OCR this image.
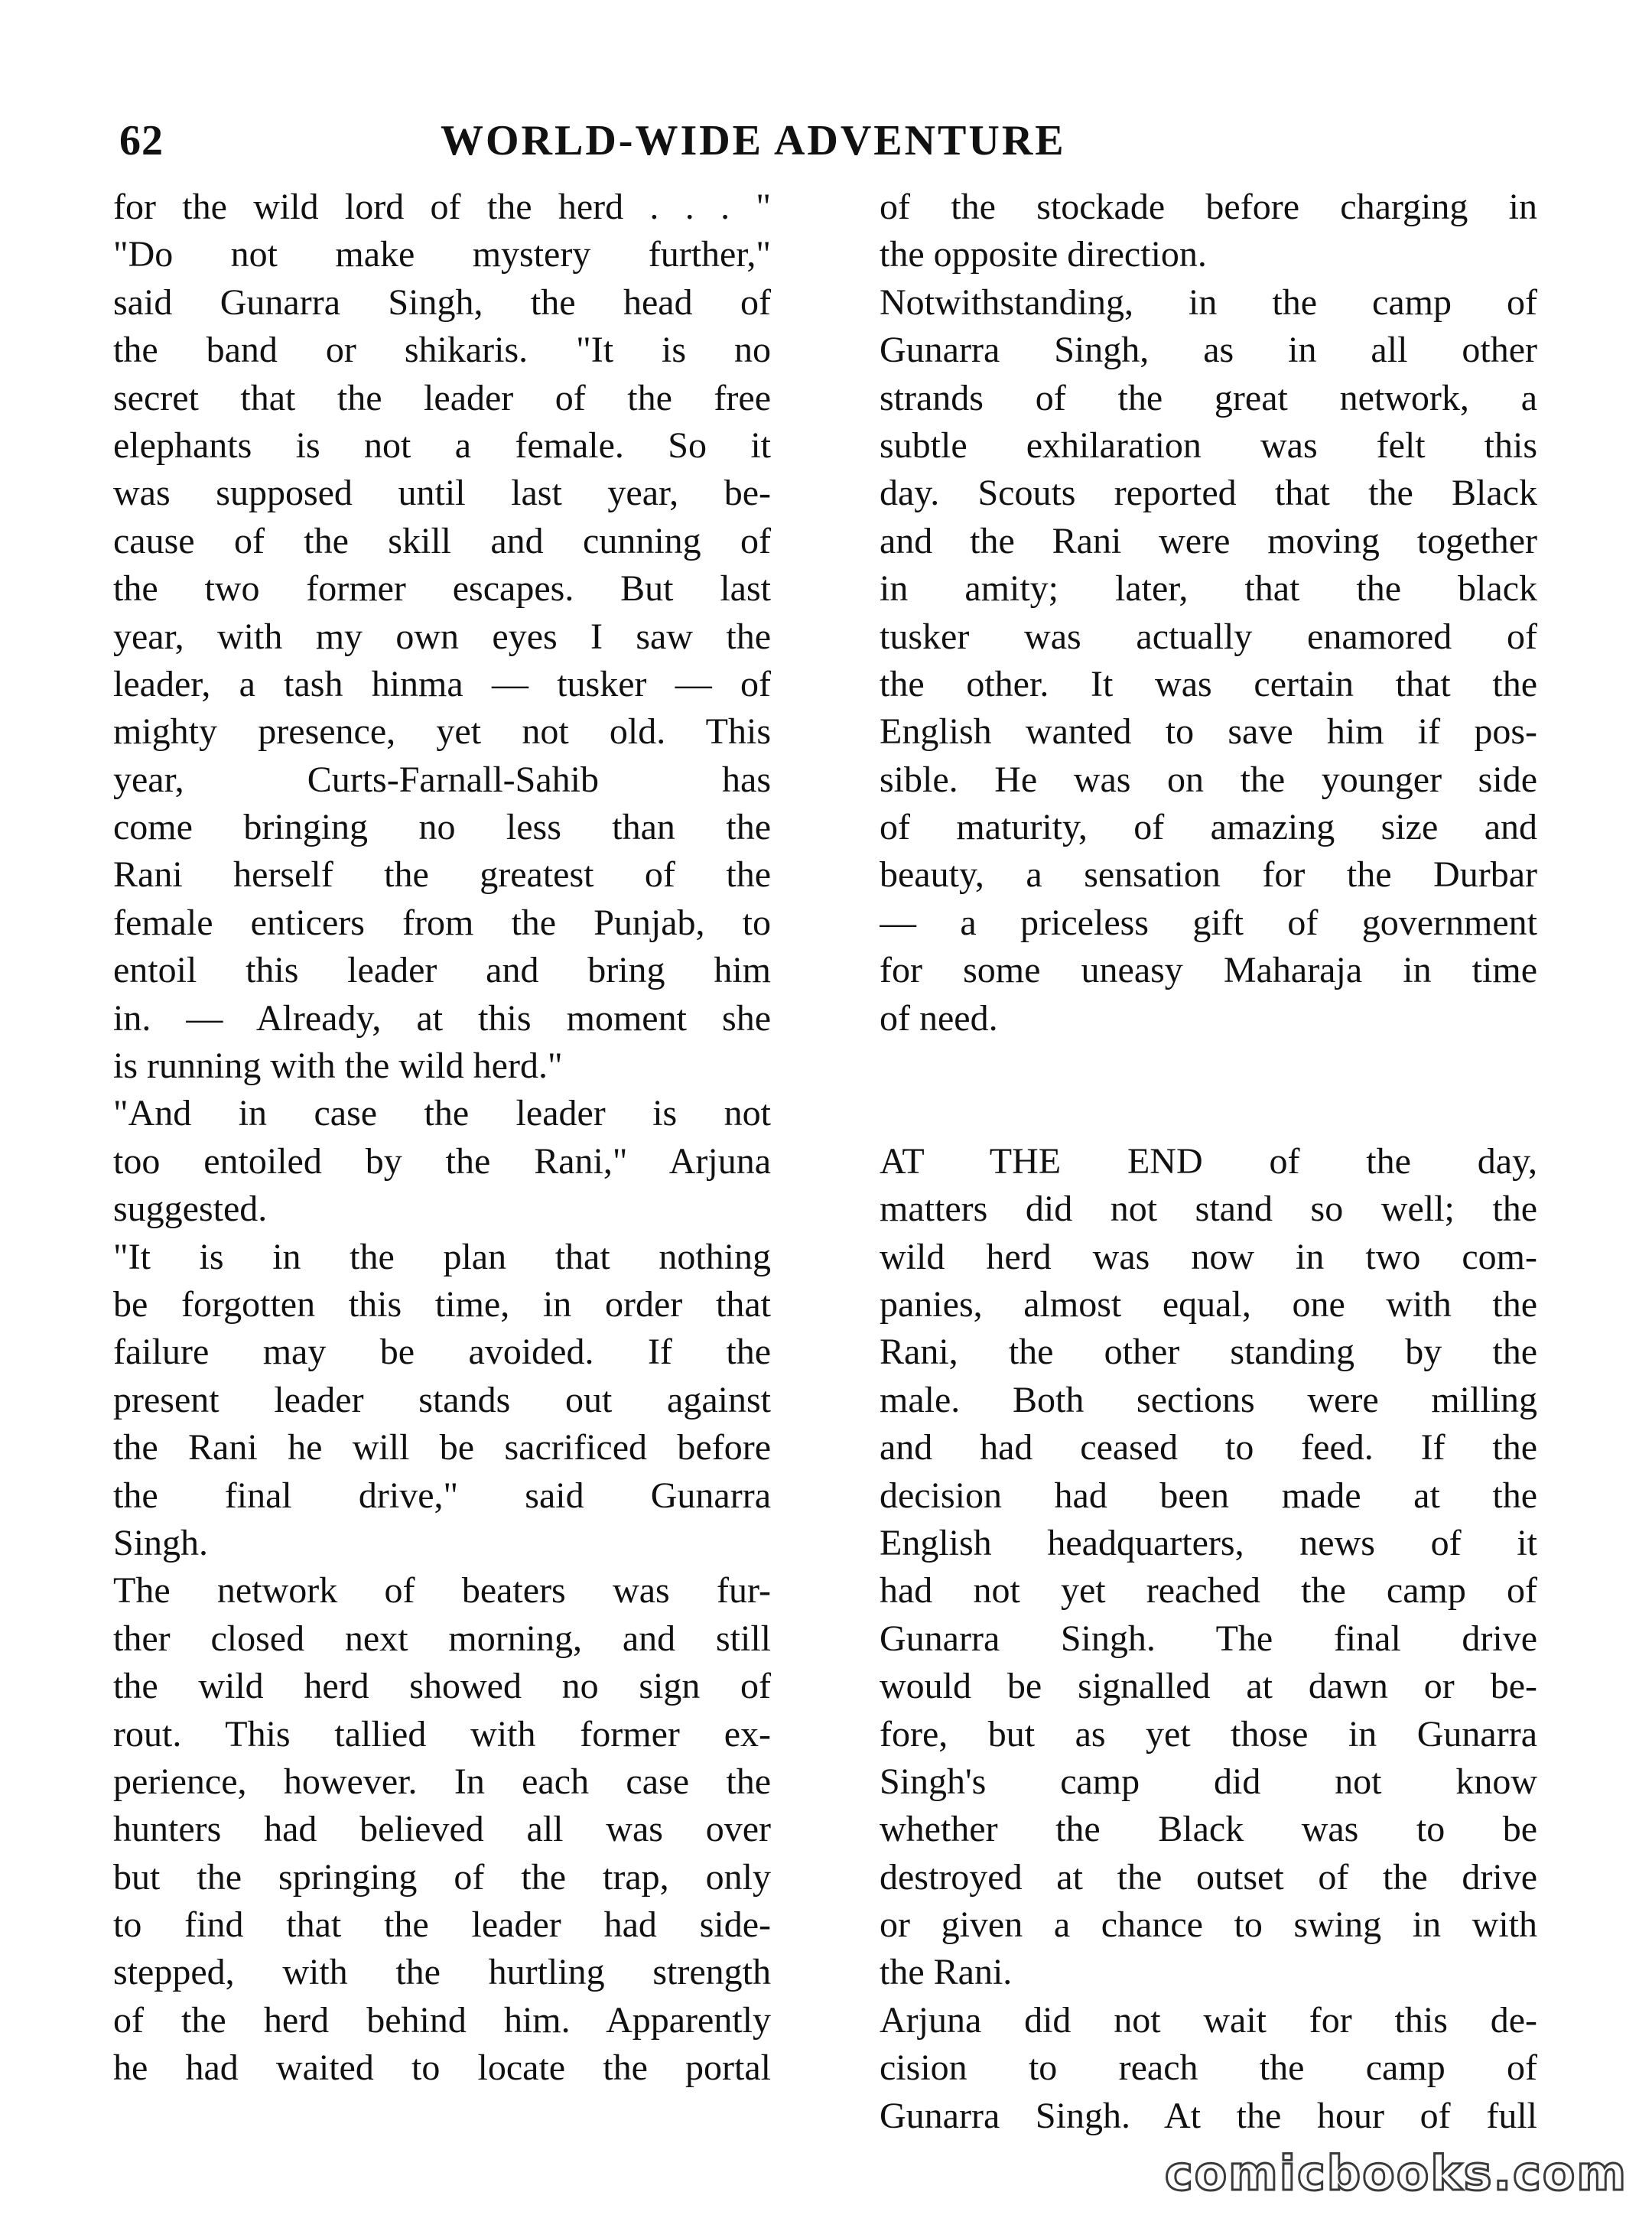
62	WORLD-WIDE ADVENTURE
for the wild lord of the herd . . . "
"Do not make mystery further,"
said Gunarra Singh, the head of
the band or shikaris. "It is no
secret that the leader of the free
elephants is not a female. So it
was supposed until last year, be-
cause of the skill and cunning of
the two former escapes. But last
year, with my own eyes I saw the
leader, a tash hinma — tusker — of
mighty presence, yet not old. This
year, Curts-Farnall-Sahib has
come bringing no less than the
Rani herself the greatest of the
female enticers from the Punjab, to
entoil this leader and bring him
in. — Already, at this moment she
is running with the wild herd."
"And in case the leader is not
too entoiled by the Rani," Arjuna
suggested.
"It is in the plan that nothing
be forgotten this time, in order that
failure may be avoided. If the
present leader stands out against
the Rani he will be sacrificed before
the final drive," said Gunarra
Singh.
The network of beaters was fur-
ther closed next morning, and still
the wild herd showed no sign of
rout. This tallied with former ex-
perience, however. In each case the
hunters had believed all was over
but the springing of the trap, only
to find that the leader had side-
stepped, with the hurtling strength
of the herd behind him. Apparently
he had waited to locate the portal
of the stockade before charging in
the opposite direction.
Notwithstanding, in the camp of
Gunarra Singh, as in all other
strands of the great network, a
subtle exhilaration was felt this
day. Scouts reported that the Black
and the Rani were moving together
in amity; later, that the black
tusker was actually enamored of
the other. It was certain that the
English wanted to save him if pos-
sible. He was on the younger side
of maturity, of amazing size and
beauty, a sensation for the Durbar
— a priceless gift of government
for some uneasy Maharaja in time
of need.
AT THE END of the day,
matters did not stand so well; the
wild herd was now in two com-
panies, almost equal, one with the
Rani, the other standing by the
male. Both sections were milling
and had ceased to feed. If the
decision had been made at the
English headquarters, news of it
had not yet reached the camp of
Gunarra Singh. The final drive
would be signalled at dawn or be-
fore, but as yet those in Gunarra
Singh's camp did not know
whether the Black was to be
destroyed at the outset of the drive
or given a chance to swing in with
the Rani.
Arjuna did not wait for this de-
cision to reach the camp of
Gunarra Singh. At the hour of full
comicbooks.com
